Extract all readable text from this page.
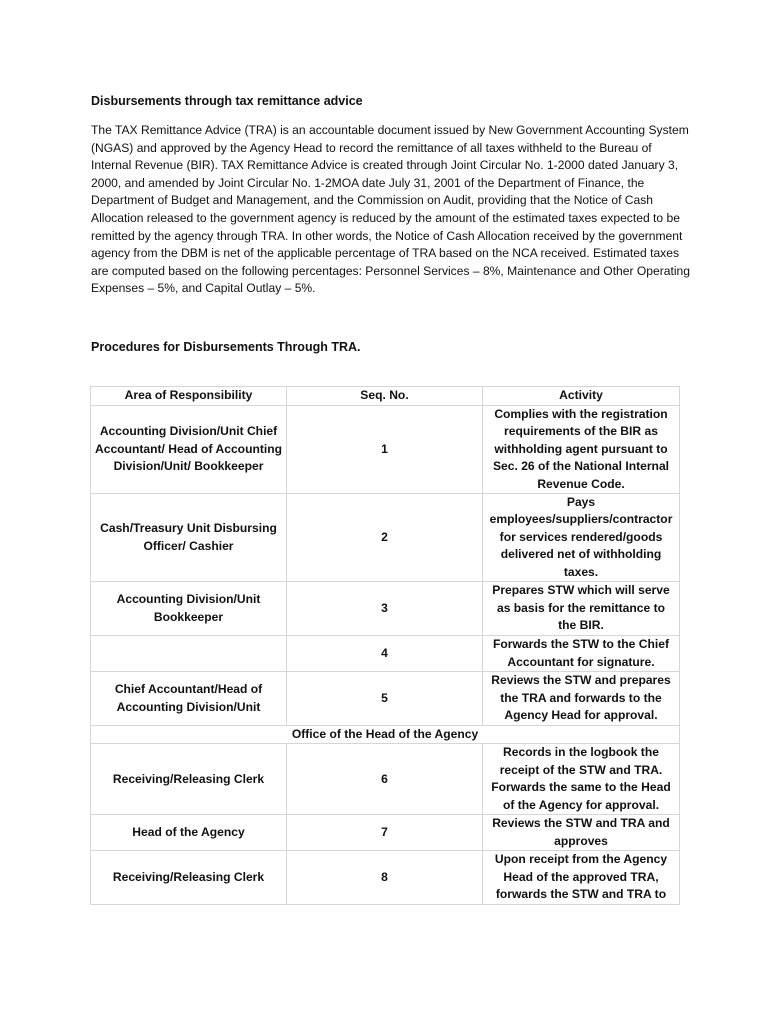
Disbursements through tax remittance advice

The TAX Remittance Advice (TRA) is an accountable document issued by New Government Accounting System (NGAS) and approved by the Agency Head to record the remittance of all taxes withheld to the Bureau of Internal Revenue (BIR). TAX Remittance Advice is created through Joint Circular No. 1-2000 dated January 3, 2000, and amended by Joint Circular No. 1-2MOA date July 31, 2001 of the Department of Finance, the Department of Budget and Management, and the Commission on Audit, providing that the Notice of Cash Allocation released to the government agency is reduced by the amount of the estimated taxes expected to be remitted by the agency through TRA. In other words, the Notice of Cash Allocation received by the government agency from the DBM is net of the applicable percentage of TRA based on the NCA received. Estimated taxes are computed based on the following percentages: Personnel Services – 8%, Maintenance and Other Operating Expenses – 5%, and Capital Outlay – 5%.

Procedures for Disbursements Through TRA.

Area of Responsibility	Seq. No.	Activity
Accounting Division/Unit Chief Accountant/ Head of Accounting Division/Unit/ Bookkeeper	1	Complies with the registration requirements of the BIR as withholding agent pursuant to Sec. 26 of the National Internal Revenue Code.
Cash/Treasury Unit Disbursing Officer/ Cashier	2	Pays employees/suppliers/contractor for services rendered/goods delivered net of withholding taxes.
Accounting Division/Unit Bookkeeper	3	Prepares STW which will serve as basis for the remittance to the BIR.
	4	Forwards the STW to the Chief Accountant for signature.
Chief Accountant/Head of Accounting Division/Unit	5	Reviews the STW and prepares the TRA and forwards to the Agency Head for approval.
Office of the Head of the Agency		
Receiving/Releasing Clerk	6	Records in the logbook the receipt of the STW and TRA. Forwards the same to the Head of the Agency for approval.
Head of the Agency	7	Reviews the STW and TRA and approves
Receiving/Releasing Clerk	8	Upon receipt from the Agency Head of the approved TRA, forwards the STW and TRA to
